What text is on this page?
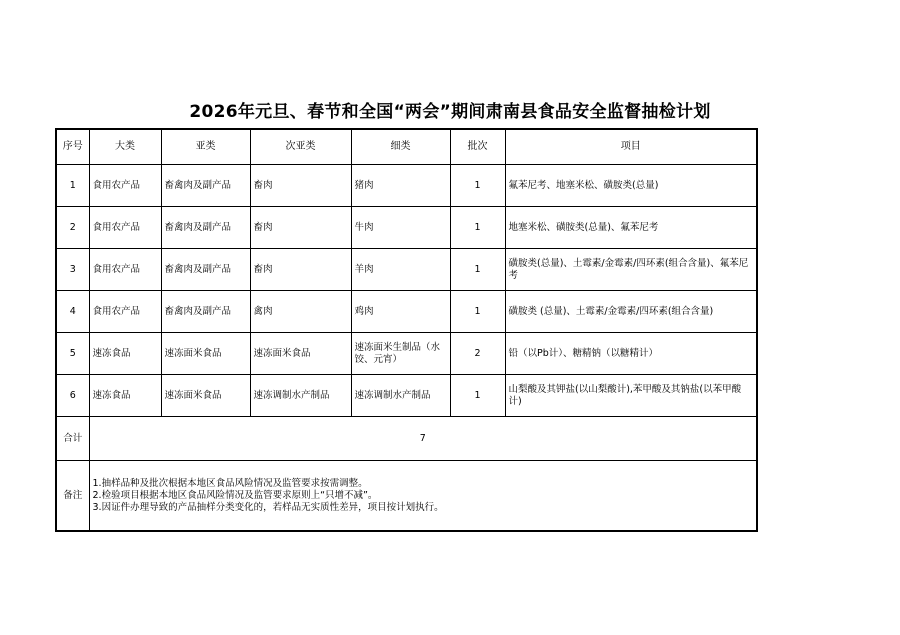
2026年元旦、春节和全国“两会”期间肃南县食品安全监督抽检计划
序号	大类	亚类	次亚类	细类	批次	项目
1	食用农产品	畜禽肉及副产品	畜肉	猪肉	1	氟苯尼考、地塞米松、磺胺类(总量)
2	食用农产品	畜禽肉及副产品	畜肉	牛肉	1	地塞米松、磺胺类(总量)、氟苯尼考
3	食用农产品	畜禽肉及副产品	畜肉	羊肉	1	磺胺类(总量)、土霉素/金霉素/四环素(组合含量)、氟苯尼考
4	食用农产品	畜禽肉及副产品	禽肉	鸡肉	1	磺胺类 (总量)、土霉素/金霉素/四环素(组合含量)
5	速冻食品	速冻面米食品	速冻面米食品	速冻面米生制品（水饺、元宵）	2	铅（以Pb计）、糖精钠（以糖精计）
6	速冻食品	速冻面米食品	速冻调制水产制品	速冻调制水产制品	1	山梨酸及其钾盐(以山梨酸计),苯甲酸及其钠盐(以苯甲酸计)
合计	7					
备注	1.抽样品种及批次根据本地区食品风险情况及监管要求按需调整。
2.检验项目根据本地区食品风险情况及监管要求原则上“只增不减”。
3.因证件办理导致的产品抽样分类变化的，若样品无实质性差异，项目按计划执行。					
